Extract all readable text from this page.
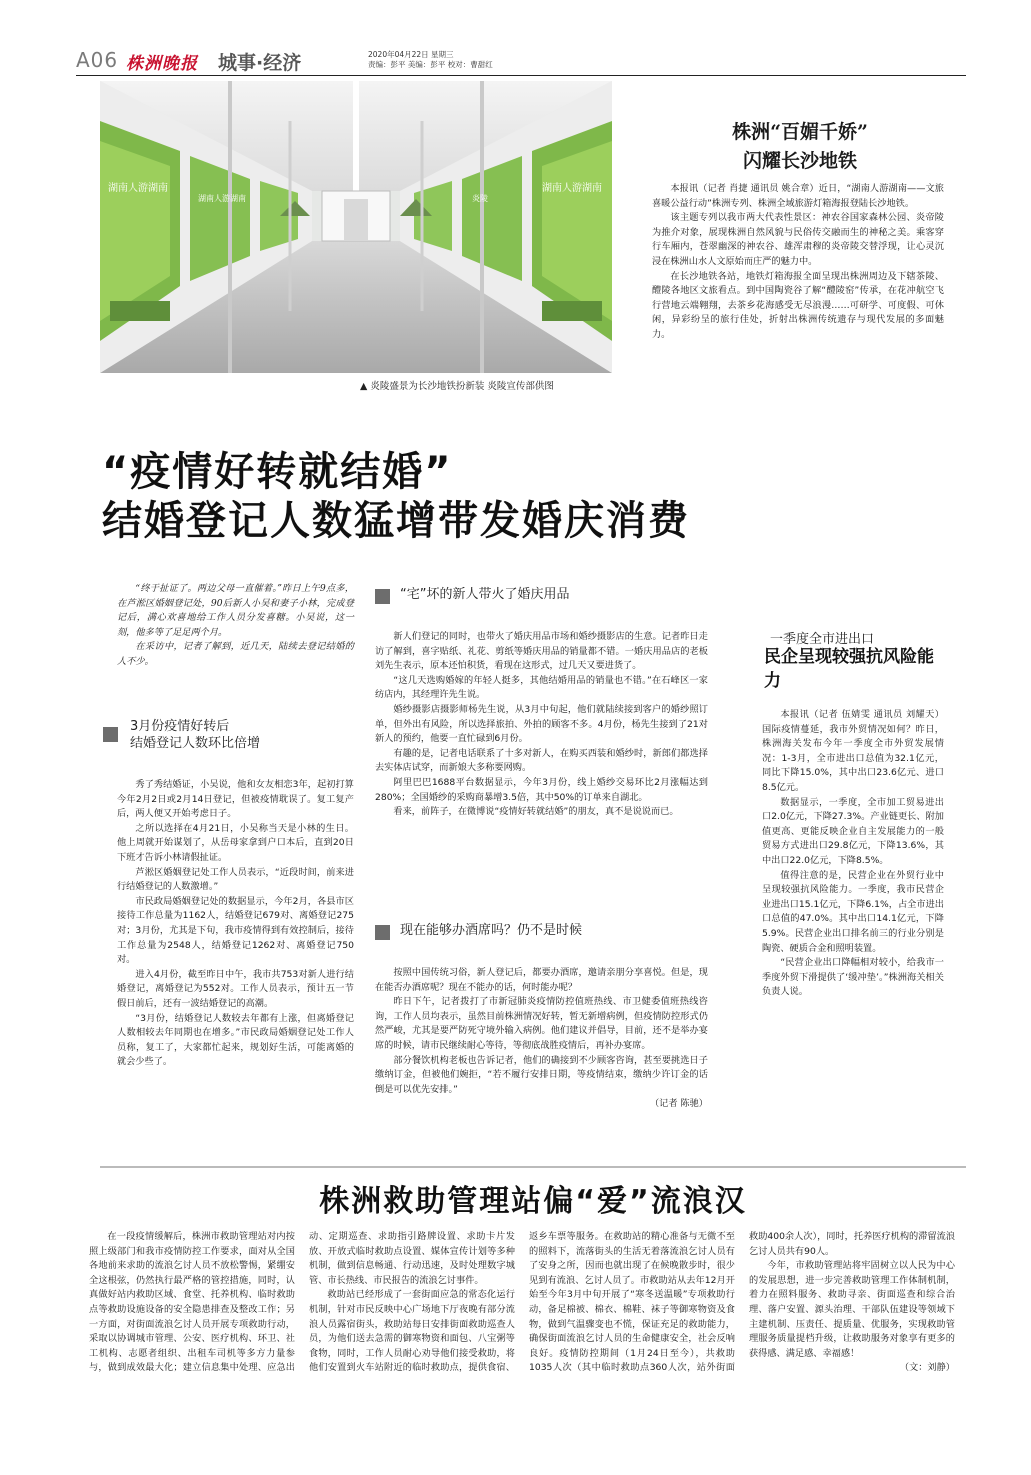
A06 株洲晚报 城事·经济	2020年04月22日 星期三
责编：彭平 美编：彭平 校对：曹甜红
湖南人游湖南
湖南人游湖南
湖南人游湖南
炎陵
▲ 炎陵盛景为长沙地铁扮新装 炎陵宣传部供图
株洲“百媚千娇”
闪耀长沙地铁

本报讯（记者 肖捷 通讯员 姚合章）近日，“湖南人游湖南——文旅喜暖公益行动”株洲专列、株洲全域旅游灯箱海报登陆长沙地铁。

该主题专列以我市两大代表性景区：神农谷国家森林公园、炎帝陵为推介对象，展现株洲自然风貌与民俗传交融而生的神秘之美。乘客穿行车厢内，苍翠幽深的神农谷、雄浑肃穆的炎帝陵交替浮现，让心灵沉浸在株洲山水人文原始而庄严的魅力中。

在长沙地铁各站，地铁灯箱海报全面呈现出株洲周边及下辖茶陵、醴陵各地区文旅看点。到中国陶瓷谷了解“醴陵窑”传承，在花冲航空飞行营地云端翱翔，去茶乡花海感受无尽浪漫……可研学、可度假、可休闲，异彩纷呈的旅行佳处，折射出株洲传统遗存与现代发展的多面魅力。

“疫情好转就结婚”
结婚登记人数猛增带发婚庆消费

“终于扯证了。两边父母一直催着。”昨日上午9点多，在芦淞区婚姻登记处，90后新人小吴和妻子小林，完成登记后，满心欢喜地给工作人员分发喜糖。小吴说，这一刻，他多等了足足两个月。

在采访中，记者了解到，近几天，陆续去登记结婚的人不少。

3月份疫情好转后
结婚登记人数环比倍增

秀了秀结婚证，小吴说，他和女友相恋3年，起初打算今年2月2日或2月14日登记，但被疫情耽误了。复工复产后，两人便又开始考虑日子。

之所以选择在4月21日，小吴称当天是小林的生日。他上周就开始谋划了，从岳母家拿到户口本后，直到20日下班才告诉小林请假扯证。

芦淞区婚姻登记处工作人员表示，“近段时间，前来进行结婚登记的人数激增。”

市民政局婚姻登记处的数据显示，今年2月，各县市区接待工作总量为1162人，结婚登记679对、离婚登记275对；3月份，尤其是下旬，我市疫情得到有效控制后，接待工作总量为2548人，结婚登记1262对、离婚登记750对。

进入4月份，截至昨日中午，我市共753对新人进行结婚登记，离婚登记为552对。工作人员表示，预计五一节假日前后，还有一波结婚登记的高潮。

“3月份，结婚登记人数较去年都有上涨，但离婚登记人数相较去年同期也在增多。”市民政局婚姻登记处工作人员称，复工了，大家都忙起来，规划好生活，可能离婚的就会少些了。

“宅”坏的新人带火了婚庆用品

新人们登记的同时，也带火了婚庆用品市场和婚纱摄影店的生意。记者昨日走访了解到，喜字贴纸、礼花、剪纸等婚庆用品的销量都不错。一婚庆用品店的老板刘先生表示，原本还怕积货，看现在这形式，过几天又要进货了。

“这几天选购婚嫁的年轻人挺多，其他结婚用品的销量也不错。”在石峰区一家纺店内，其经理许先生说。

婚纱摄影店摄影师杨先生说，从3月中旬起，他们就陆续接到客户的婚纱照订单，但外出有风险，所以选择旅拍、外拍的顾客不多。4月份，杨先生接到了21对新人的预约，他要一直忙碌到6月份。

有趣的是，记者电话联系了十多对新人，在购买西装和婚纱时，新郎们都选择去实体店试穿，而新娘大多称要网购。

阿里巴巴1688平台数据显示，今年3月份，线上婚纱交易环比2月涨幅达到280%；全国婚纱的采购商暴增3.5倍，其中50%的订单来自湖北。

看来，前阵子，在微博说“疫情好转就结婚”的朋友，真不是说说而已。

现在能够办酒席吗？仍不是时候

按照中国传统习俗，新人登记后，都要办酒席，邀请亲朋分享喜悦。但是，现在能否办酒席呢？现在不能办的话，何时能办呢？

昨日下午，记者拨打了市新冠肺炎疫情防控值班热线、市卫健委值班热线咨询，工作人员均表示，虽然目前株洲情况好转，暂无新增病例，但疫情防控形式仍然严峻，尤其是要严防死守境外输入病例。他们建议并倡导，目前，还不是举办宴席的时候，请市民继续耐心等待，等彻底战胜疫情后，再补办宴席。

部分餐饮机构老板也告诉记者，他们的确接到不少顾客咨询，甚至要挑选日子缴纳订金，但被他们婉拒，“若不履行安排日期，等疫情结束，缴纳少许订金的话倒是可以优先安排。”

（记者 陈驰）

一季度全市进出口
民企呈现较强抗风险能力

本报讯（记者 伍婧雯 通讯员 刘耀天）国际疫情蔓延，我市外贸情况如何？昨日，株洲海关发布今年一季度全市外贸发展情况：1-3月，全市进出口总值为32.1亿元，同比下降15.0%，其中出口23.6亿元、进口8.5亿元。

数据显示，一季度，全市加工贸易进出口2.0亿元，下降27.3%。产业链更长、附加值更高、更能反映企业自主发展能力的一般贸易方式进出口29.8亿元，下降13.6%，其中出口22.0亿元，下降8.5%。

值得注意的是，民营企业在外贸行业中呈现较强抗风险能力。一季度，我市民营企业进出口15.1亿元，下降6.1%，占全市进出口总值的47.0%。其中出口14.1亿元，下降5.9%。民营企业出口排名前三的行业分别是陶瓷、硬质合金和照明装置。

“民营企业出口降幅相对较小，给我市一季度外贸下滑提供了‘缓冲垫’。”株洲海关相关负责人说。

株洲救助管理站偏“爱”流浪汉

在一段疫情缓解后，株洲市救助管理站对内按照上级部门和我市疫情防控工作要求，面对从全国各地前来求助的流浪乞讨人员不放松警惕，紧绷安全这根弦，仍然执行最严格的管控措施，同时，认真做好站内救助区域、食堂、托养机构、临时救助点等救助设施设备的安全隐患排查及整改工作；另一方面，对街面流浪乞讨人员开展专项救助行动，采取以协调城市管理、公安、医疗机构、环卫、社工机构、志愿者组织、出租车司机等多方力量参与，做到成效最大化；建立信息集中处理、应急出动、定期巡查、求助指引路牌设置、求助卡片发放、开放式临时救助点设置、媒体宣传计划等多种机制，做到信息畅通、行动迅速，及时处理数字城管、市长热线、市民报告的流浪乞讨事件。

救助站已经形成了一套街面应急的常态化运行机制，针对市民反映中心广场地下厅夜晚有部分流浪人员露宿街头，救助站每日安排街面救助巡查人员，为他们送去急需的御寒物资和面包、八宝粥等食物，同时，工作人员耐心劝导他们接受救助，将他们安置到火车站附近的临时救助点，提供食宿、返乡车票等服务。在救助站的精心准备与无微不至的照料下，流落街头的生活无着落流浪乞讨人员有了安身之所，因而也就出现了在候晚散步时，很少见到有流浪、乞讨人员了。市救助站从去年12月开始至今年3月中旬开展了“寒冬送温暖”专项救助行动，备足棉被、棉衣、棉鞋、袜子等御寒物资及食物，做到气温骤变也不慌，保证充足的救助能力，确保街面流浪乞讨人员的生命健康安全，社会反响良好。疫情防控期间（1月24日至今），共救助1035人次（其中临时救助点360人次，站外街面救助400余人次），同时，托养医疗机构的滞留流浪乞讨人员共有90人。

今年，市救助管理站将牢固树立以人民为中心的发展思想，进一步完善救助管理工作体制机制，着力在照料服务、救助寻亲、街面巡查和综合治理、落户安置、源头治理、干部队伍建设等领域下主建机制、压责任、提质量、优服务，实现救助管理服务质量提档升级，让救助服务对象享有更多的获得感、满足感、幸福感！

（文：刘静）
